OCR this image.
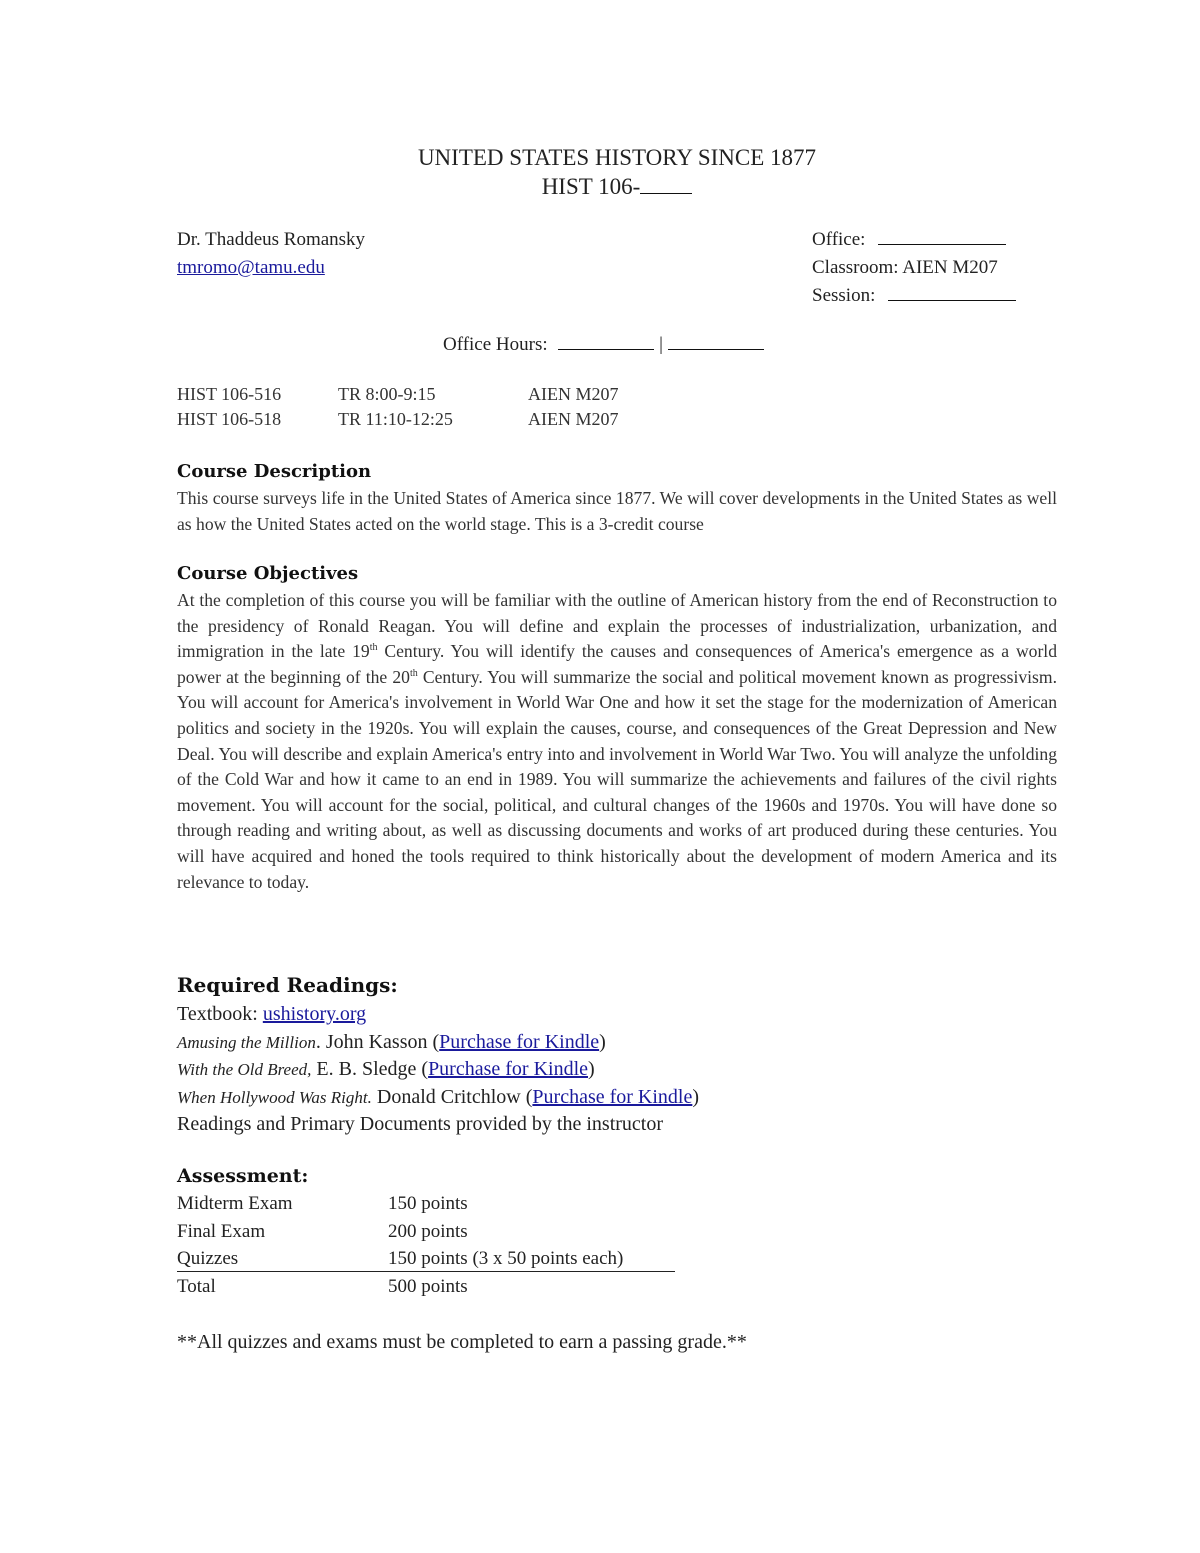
UNITED STATES HISTORY SINCE 1877
HIST 106-
Dr. Thaddeus Romansky
tmromo@tamu.edu
Office:
Classroom: AIEN M207
Session:
Office Hours:	|
HIST 106-516	TR 8:00-9:15	AIEN M207
HIST 106-518	TR 11:10-12:25	AIEN M207
Course Description
This course surveys life in the United States of America since 1877. We will cover developments in the United States as well as how the United States acted on the world stage. This is a 3-credit course
Course Objectives
At the completion of this course you will be familiar with the outline of American history from the end of Reconstruction to the presidency of Ronald Reagan. You will define and explain the processes of industrialization, urbanization, and immigration in the late 19th Century. You will identify the causes and consequences of America's emergence as a world power at the beginning of the 20th Century. You will summarize the social and political movement known as progressivism. You will account for America's involvement in World War One and how it set the stage for the modernization of American politics and society in the 1920s. You will explain the causes, course, and consequences of the Great Depression and New Deal. You will describe and explain America's entry into and involvement in World War Two. You will analyze the unfolding of the Cold War and how it came to an end in 1989. You will summarize the achievements and failures of the civil rights movement. You will account for the social, political, and cultural changes of the 1960s and 1970s. You will have done so through reading and writing about, as well as discussing documents and works of art produced during these centuries. You will have acquired and honed the tools required to think historically about the development of modern America and its relevance to today.
Required Readings:
Textbook: ushistory.org
Amusing the Million. John Kasson (Purchase for Kindle)
With the Old Breed, E. B. Sledge (Purchase for Kindle)
When Hollywood Was Right. Donald Critchlow (Purchase for Kindle)
Readings and Primary Documents provided by the instructor
Assessment:
Midterm Exam	150 points
Final Exam	200 points
Quizzes	150 points (3 x 50 points each)
Total	500 points
**All quizzes and exams must be completed to earn a passing grade.**
